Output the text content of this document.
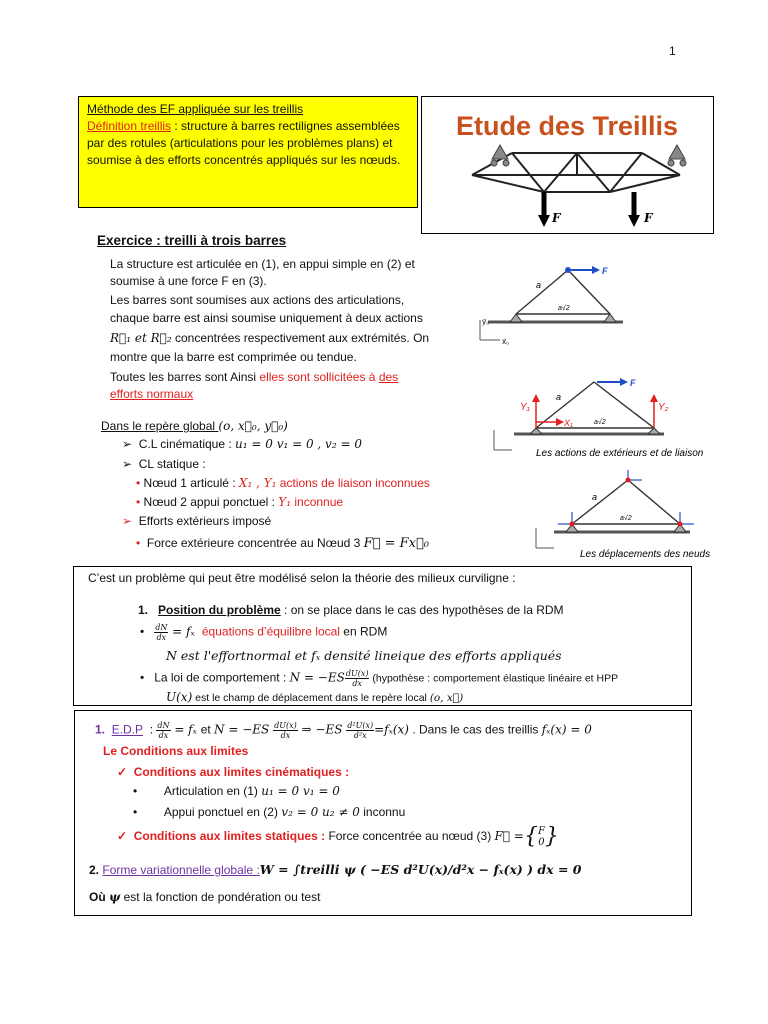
1
Méthode des EF appliquée sur les treillis
Définition treillis : structure à barres rectilignes assemblées par des rotules (articulations pour les problèmes plans) et soumise à des efforts concentrés appliqués sur les nœuds.
Etude des Treillis
F	F
Exercice : treilli à trois barres
La structure est articulée en (1), en appui simple en (2) et
soumise à une force F en (3).
Les barres sont soumises aux actions des articulations,
chaque barre est ainsi soumise uniquement à deux actions
R⃗₁ et R⃗₂ concentrées respectivement aux extrémités. On
montre que la barre est comprimée ou tendue.
Toutes les barres sont Ainsi elles sont sollicitées à des
efforts normaux
Dans le repère global (o, x⃗₀, y⃗₀)
➢  C.L cinématique : u₁ = 0 v₁ = 0 , v₂ = 0
➢  CL statique :
• Nœud 1 articulé : X₁ , Y₁ actions de liaison inconnues
• Nœud 2 appui ponctuel : Y₁ inconnue
➢  Efforts extérieurs imposé
•  Force extérieure concentrée au Nœud 3 F⃗ = Fx⃗₀
F
a
a√2
y⃗₀
x⃗₀
F
Y₁	Y₂
X₁
a
a√2
Les actions de extérieurs et de liaison
a
a√2
Les déplacements des neuds
C’est un problème qui peut être modélisé selon la théorie des milieux curviligne :
1. Position du problème : on se place dans le cas des hypothèses de la RDM
• $\frac{dN}{dx} = f_x$  équations d’équilibre local en RDM
N est l'effortnormal et fₓ densité lineique des efforts appliqués
•   La loi de comportement : $N = -ES \frac{dU(x)}{dx}$ (hypothèse : comportement élastique linéaire et HPP
U(x) est le champ de déplacement dans le repère local (o, x⃗)
1. E.D.P  : $\frac{dN}{dx} = f_x$ et $N = -ES \frac{dU(x)}{dx}$ ⇒ $-ES \frac{\text{d²U(x)}}{\text{d²x}} =f_x(x)$ . Dans le cas des treillis fₓ(x) = 0
Le Conditions aux limites
✓  Conditions aux limites cinématiques :
•        Articulation en (1) u₁ = 0 v₁ = 0
•        Appui ponctuel en (2) v₂ = 0 u₂ ≠ 0 inconnu
✓  Conditions aux limites statiques : Force concentrée au nœud (3) F⃗ ={ F
0 }
2. Forme variationnelle globale :W = ∫treilli ψ ( −ES d²U(x)/d²x − fₓ(x) ) dx = 0
Où ψ est la fonction de pondération ou test
